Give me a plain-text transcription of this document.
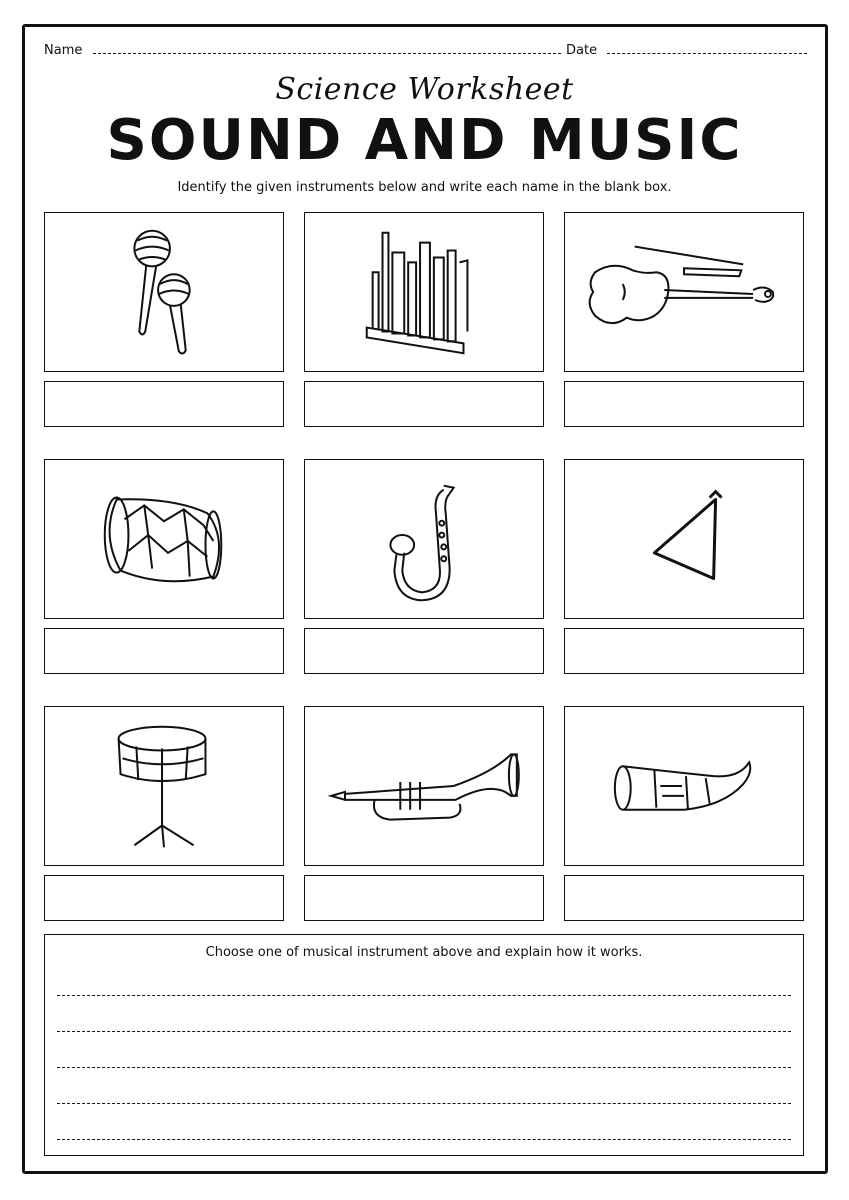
Name	Date
Science Worksheet
SOUND AND MUSIC
Identify the given instruments below and write each name in the blank box.
Choose one of musical instrument above and explain how it works.
